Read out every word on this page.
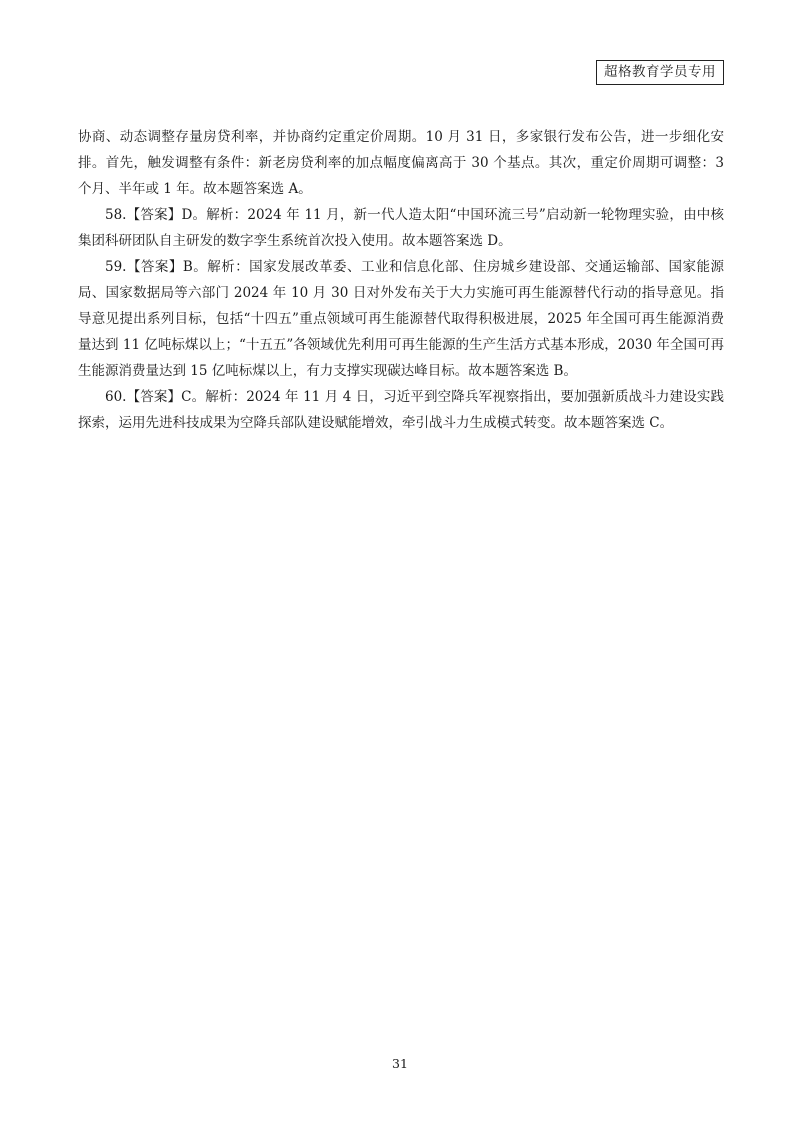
超格教育学员专用

协商、动态调整存量房贷利率，并协商约定重定价周期。10 月 31 日，多家银行发布公告，进一步细化安排。首先，触发调整有条件：新老房贷利率的加点幅度偏离高于 30 个基点。其次，重定价周期可调整：3 个月、半年或 1 年。故本题答案选 A。

58.【答案】D。解析：2024 年 11 月，新一代人造太阳“中国环流三号”启动新一轮物理实验，由中核集团科研团队自主研发的数字孪生系统首次投入使用。故本题答案选 D。

59.【答案】B。解析：国家发展改革委、工业和信息化部、住房城乡建设部、交通运输部、国家能源局、国家数据局等六部门 2024 年 10 月 30 日对外发布关于大力实施可再生能源替代行动的指导意见。指导意见提出系列目标，包括“十四五”重点领域可再生能源替代取得积极进展，2025 年全国可再生能源消费量达到 11 亿吨标煤以上；“十五五”各领域优先利用可再生能源的生产生活方式基本形成，2030 年全国可再生能源消费量达到 15 亿吨标煤以上，有力支撑实现碳达峰目标。故本题答案选 B。

60.【答案】C。解析：2024 年 11 月 4 日，习近平到空降兵军视察指出，要加强新质战斗力建设实践探索，运用先进科技成果为空降兵部队建设赋能增效，牵引战斗力生成模式转变。故本题答案选 C。

31
